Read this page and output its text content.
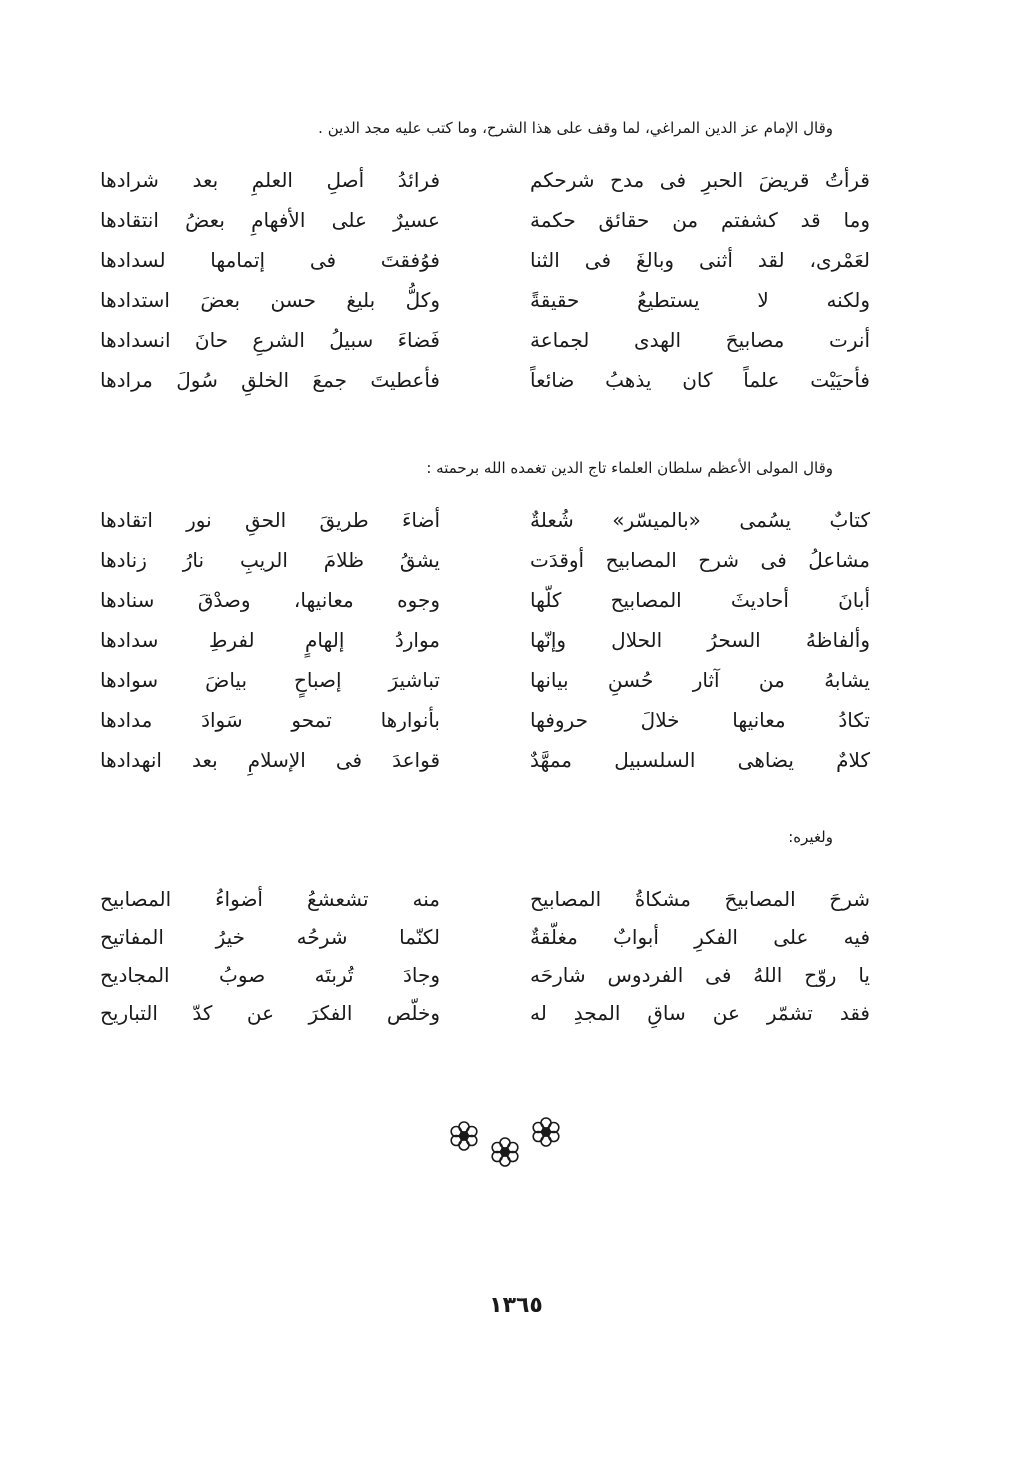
وقال الإمام عز الدين المراغي، لما وقف على هذا الشرح، وما كتب عليه مجد الدين .
قرأتُ قريضَ الحبرِ فى مدح شرحكم
وما قد كشفتم من حقائق حكمة
لعَمْرى، لقد أثنى وبالغَ فى الثنا
ولكنه لا يستطيعُ حقيقةً
أنرت مصابيحَ الهدى لجماعة
فأحيَيْت علماً كان يذهبُ ضائعاً
فرائدُ أصلِ العلمِ بعد شرادها
عسيرٌ على الأفهامِ بعضُ انتقادها
فوُفقتَ فى إتمامها لسدادها
وكلُّ بليغ حسن بعضَ استدادها
فَضاءَ سبيلُ الشرعِ حانَ انسدادها
فأعطيتَ جمعَ الخلقِ سُولَ مرادها
وقال المولى الأعظم سلطان العلماء تاج الدين تغمده الله برحمته :
كتابٌ يسُمى «بالميسّر» شُعلةٌ
مشاعلُ فى شرح المصابيح أوقدَت
أبانَ أحاديثَ المصابيح كلّها
وألفاظهُ السحرُ الحلال وإنّها
يشابهُ من آثار حُسنِ بيانها
تكادُ معانيها خلالَ حروفها
كلامٌ يضاهى السلسبيل ممهَّدٌ
أضاءَ طريقَ الحقِ نور اتقادها
يشقُ ظلامَ الريبِ نارُ زنادها
وجوه معانيها، وصدْقَ سنادها
مواردُ إلهامٍ لفرطِ سدادها
تباشيرَ إصباحٍ بياضَ سوادها
بأنوارها تمحو سَوادَ مدادها
قواعدَ فى الإسلامِ بعد انهدادها
ولغيره:
شرحَ المصابيحَ مشكاةُ المصابيح
فيه على الفكرِ أبوابٌ مغلّقةٌ
يا روّح اللهُ فى الفردوس شارحَه
فقد تشمّر عن ساقِ المجدِ له
منه تشعشعُ أضواءُ المصابيح
لكنّما شرحُه خيرُ المفاتيح
وجادَ تُربتَه صوبُ المجاديح
وخلّص الفكرَ عن كدّ التباريح
١٣٦٥
